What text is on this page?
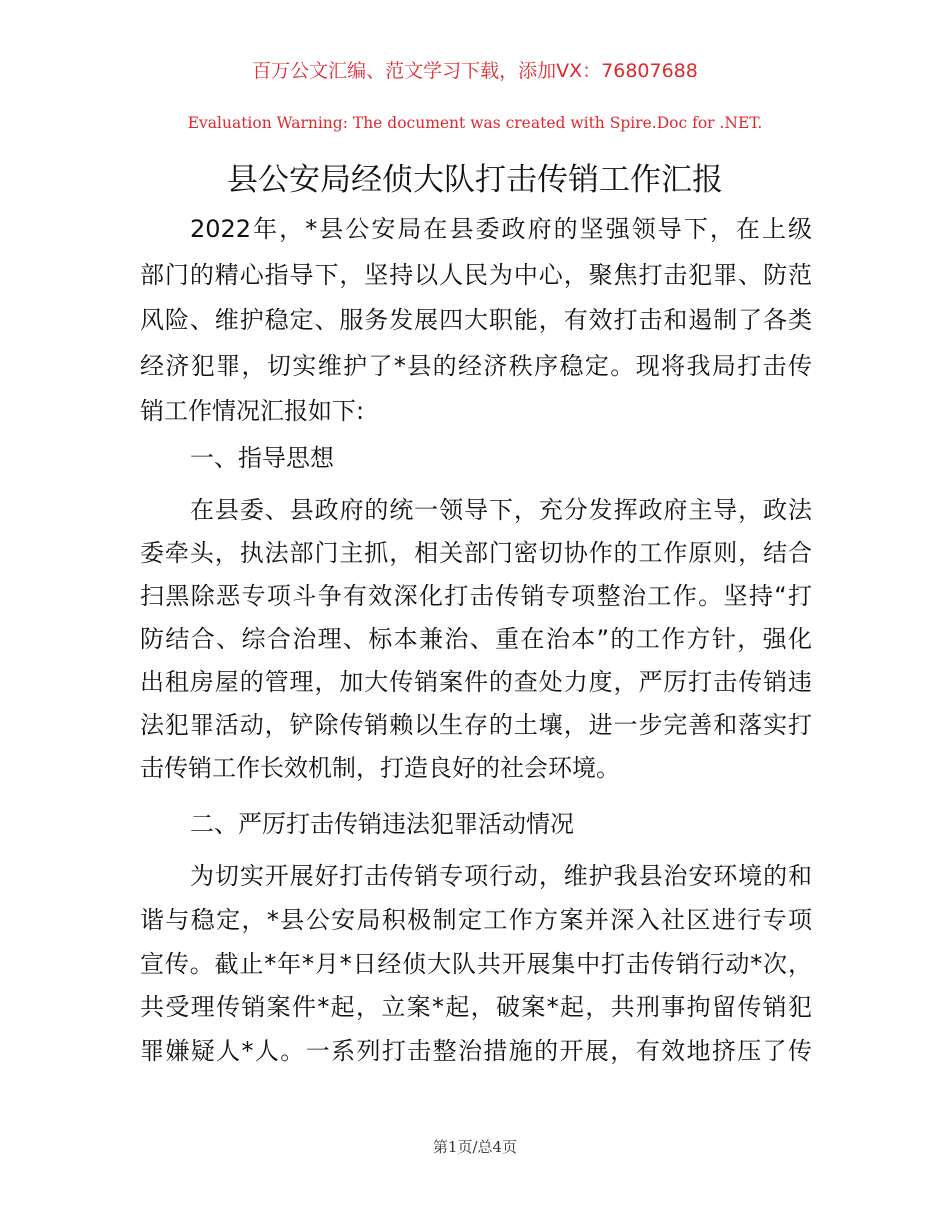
百万公文汇编、范文学习下载，添加VX：76807688
Evaluation Warning: The document was created with Spire.Doc for .NET.
县公安局经侦大队打击传销工作汇报
2022年，*县公安局在县委政府的坚强领导下，在上级
部门的精心指导下，坚持以人民为中心，聚焦打击犯罪、防范
风险、维护稳定、服务发展四大职能，有效打击和遏制了各类
经济犯罪，切实维护了*县的经济秩序稳定。现将我局打击传
销工作情况汇报如下:
一、指导思想
在县委、县政府的统一领导下，充分发挥政府主导，政法
委牵头，执法部门主抓，相关部门密切协作的工作原则，结合
扫黑除恶专项斗争有效深化打击传销专项整治工作。坚持“打
防结合、综合治理、标本兼治、重在治本”的工作方针，强化
出租房屋的管理，加大传销案件的查处力度，严厉打击传销违
法犯罪活动，铲除传销赖以生存的土壤，进一步完善和落实打
击传销工作长效机制，打造良好的社会环境。
二、严厉打击传销违法犯罪活动情况
为切实开展好打击传销专项行动，维护我县治安环境的和
谐与稳定，*县公安局积极制定工作方案并深入社区进行专项
宣传。截止*年*月*日经侦大队共开展集中打击传销行动*次，
共受理传销案件*起，立案*起，破案*起，共刑事拘留传销犯
罪嫌疑人*人。一系列打击整治措施的开展，有效地挤压了传
第1页/总4页
